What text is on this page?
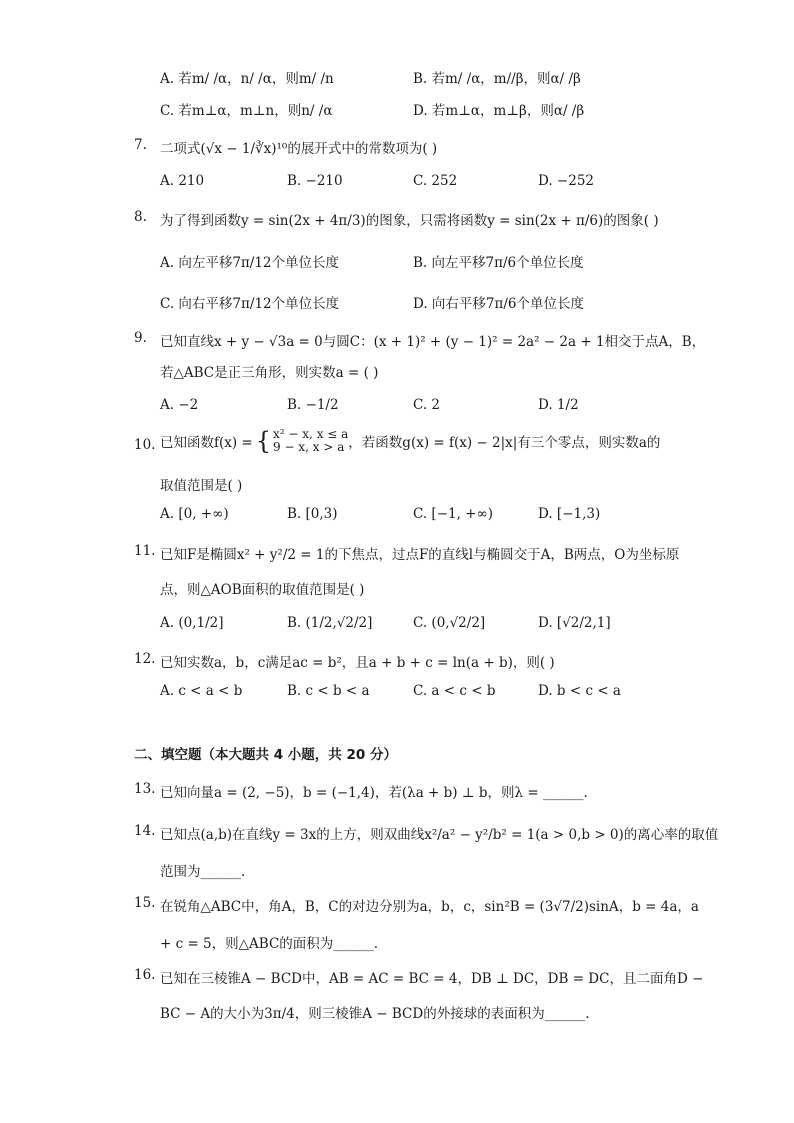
A. 若m/ /α，n/ /α，则m/ /n	B. 若m/ /α，m//β，则α/ /β
C. 若m⊥α，m⊥n，则n/ /α	D. 若m⊥α，m⊥β，则α/ /β
7. 二项式(√x − 1/∛x)¹⁰的展开式中的常数项为( )
A. 210	B. −210	C. 252	D. −252
8. 为了得到函数y = sin(2x + 4π/3)的图象，只需将函数y = sin(2x + π/6)的图象( )
A. 向左平移7π/12个单位长度	B. 向左平移7π/6个单位长度
C. 向右平移7π/12个单位长度	D. 向右平移7π/6个单位长度
9. 已知直线x + y − √3a = 0与圆C：(x + 1)² + (y − 1)² = 2a² − 2a + 1相交于点A，B，
若△ABC是正三角形，则实数a = ( )
A. −2	B. −1/2	C. 2	D. 1/2
10. 已知函数f(x) = { x² − x, x ≤ a
9 − x, x > a ，若函数g(x) = f(x) − 2|x|有三个零点，则实数a的
取值范围是( )
A. [0, +∞)	B. [0,3)	C. [−1, +∞)	D. [−1,3)
11. 已知F是椭圆x² + y²/2 = 1的下焦点，过点F的直线l与椭圆交于A，B两点，O为坐标原
点，则△AOB面积的取值范围是( )
A. (0,1/2]	B. (1/2,√2/2]	C. (0,√2/2]	D. [√2/2,1]
12. 已知实数a，b，c满足ac = b²，且a + b + c = ln(a + b)，则( )
A. c < a < b	B. c < b < a	C. a < c < b	D. b < c < a
二、填空题（本大题共 4 小题，共 20 分）
13. 已知向量a = (2, −5)，b = (−1,4)，若(λa + b) ⊥ b，则λ = ______.
14. 已知点(a,b)在直线y = 3x的上方，则双曲线x²/a² − y²/b² = 1(a > 0,b > 0)的离心率的取值
范围为______.
15. 在锐角△ABC中，角A，B，C的对边分别为a，b，c，sin²B = (3√7/2)sinA，b = 4a，a
+ c = 5，则△ABC的面积为______.
16. 已知在三棱锥A − BCD中，AB = AC = BC = 4，DB ⊥ DC，DB = DC，且二面角D −
BC − A的大小为3π/4，则三棱锥A − BCD的外接球的表面积为______.
